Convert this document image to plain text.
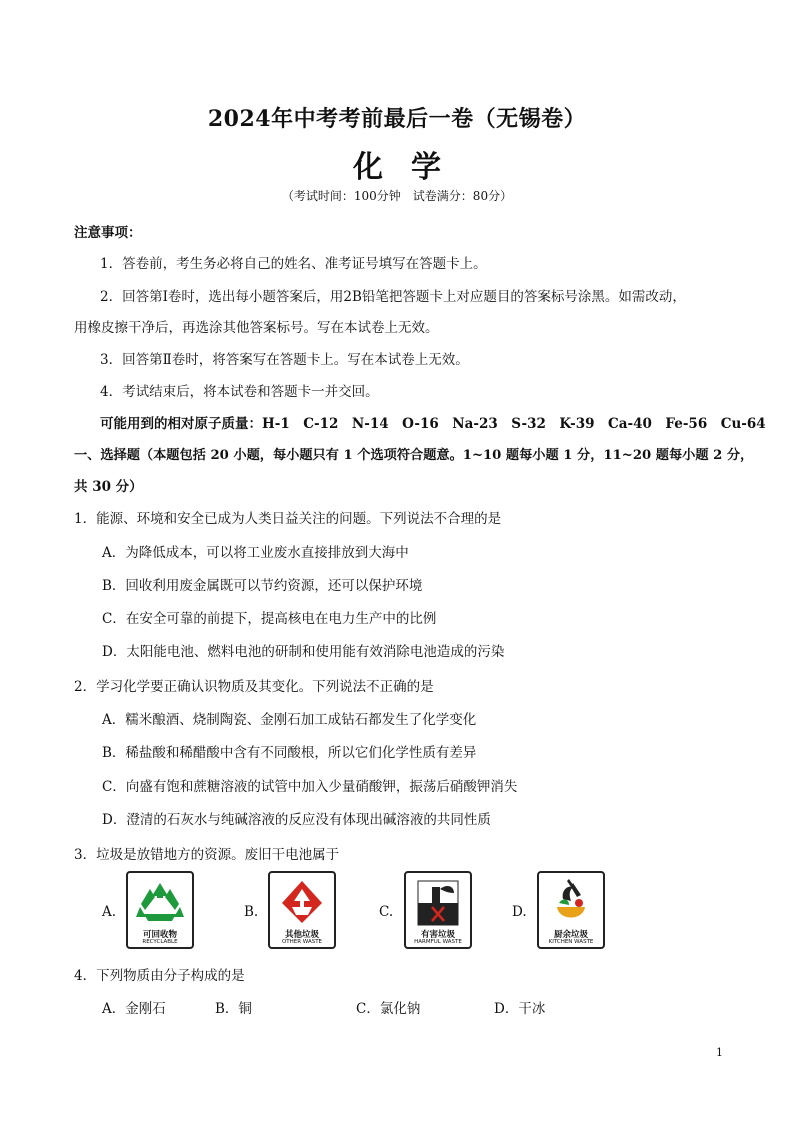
2024年中考考前最后一卷（无锡卷）
化学
（考试时间：100分钟　试卷满分：80分）
注意事项：
1．答卷前，考生务必将自己的姓名、准考证号填写在答题卡上。
2．回答第Ⅰ卷时，选出每小题答案后，用2B铅笔把答题卡上对应题目的答案标号涂黑。如需改动，
用橡皮擦干净后，再选涂其他答案标号。写在本试卷上无效。
3．回答第Ⅱ卷时，将答案写在答题卡上。写在本试卷上无效。
4．考试结束后，将本试卷和答题卡一并交回。
可能用到的相对原子质量：H-1　C-12　N-14　O-16　Na-23　S-32　K-39　Ca-40　Fe-56　Cu-64
一、选择题（本题包括 20 小题，每小题只有 1 个选项符合题意。1~10 题每小题 1 分，11~20 题每小题 2 分，
共 30 分）
1．能源、环境和安全已成为人类日益关注的问题。下列说法不合理的是
A．为降低成本，可以将工业废水直接排放到大海中
B．回收利用废金属既可以节约资源，还可以保护环境
C．在安全可靠的前提下，提高核电在电力生产中的比例
D．太阳能电池、燃料电池的研制和使用能有效消除电池造成的污染
2．学习化学要正确认识物质及其变化。下列说法不正确的是
A．糯米酿酒、烧制陶瓷、金刚石加工成钻石都发生了化学变化
B．稀盐酸和稀醋酸中含有不同酸根，所以它们化学性质有差异
C．向盛有饱和蔗糖溶液的试管中加入少量硝酸钾，振荡后硝酸钾消失
D．澄清的石灰水与纯碱溶液的反应没有体现出碱溶液的共同性质
3．垃圾是放错地方的资源。废旧干电池属于
A.
可回收物
RECYCLABLE
B.
其他垃圾
OTHER WASTE
C.
有害垃圾
HARMFUL WASTE
D.
厨余垃圾
KITCHEN WASTE
4．下列物质由分子构成的是
A．金刚石	B．铜	C．氯化钠	D．干冰
1
